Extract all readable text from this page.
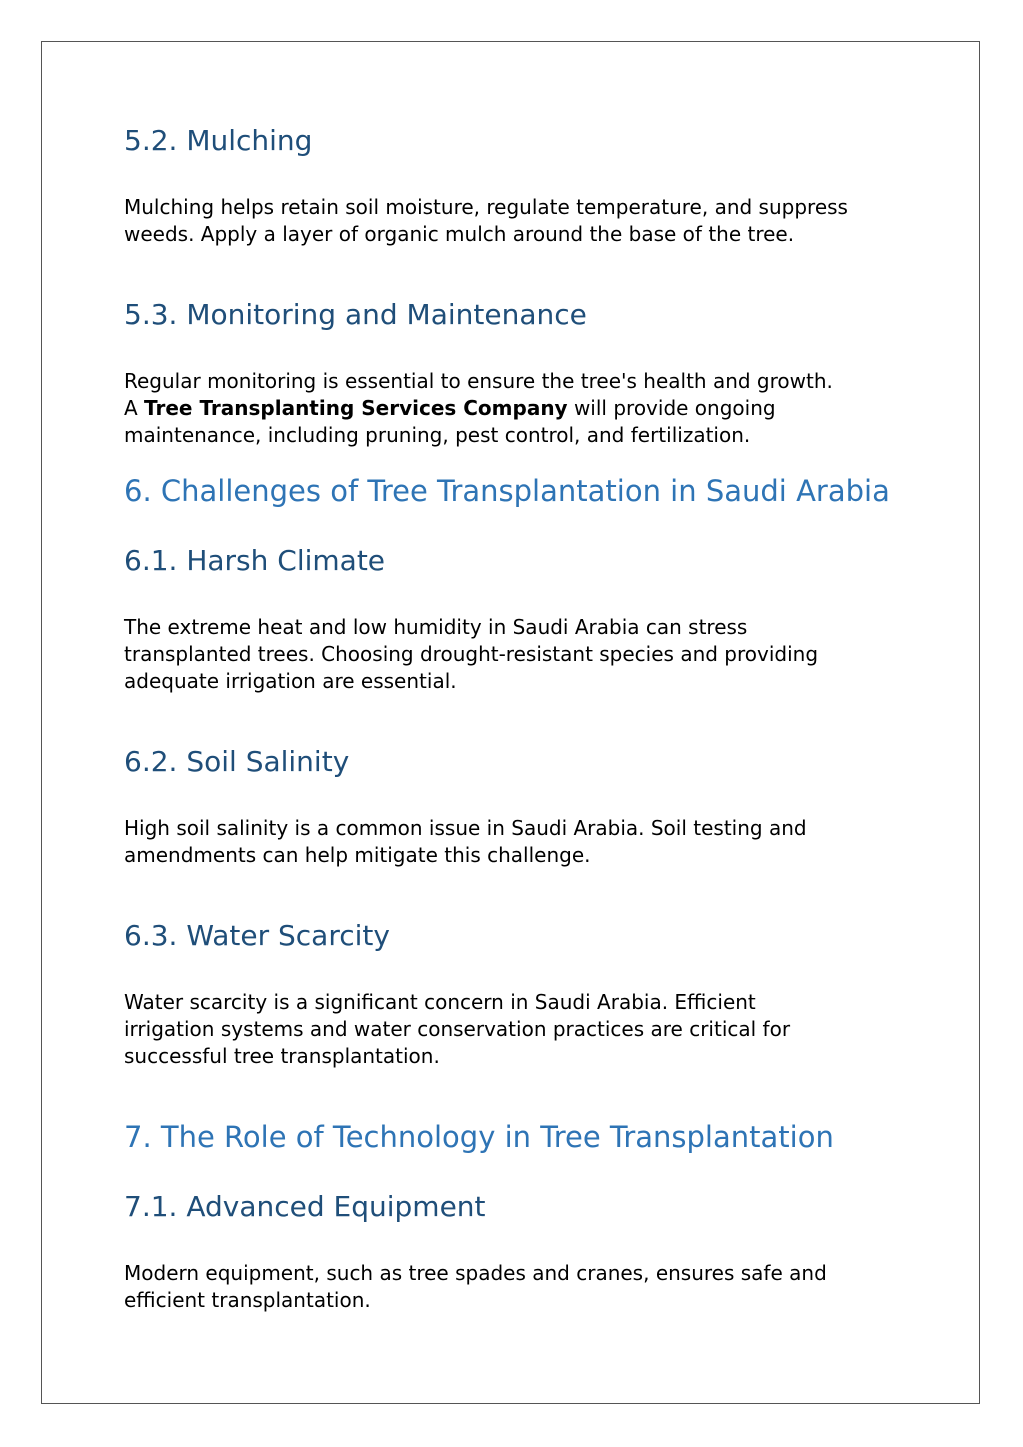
5.2. Mulching
Mulching helps retain soil moisture, regulate temperature, and suppress
weeds. Apply a layer of organic mulch around the base of the tree.
5.3. Monitoring and Maintenance
Regular monitoring is essential to ensure the tree's health and growth.
A Tree Transplanting Services Company will provide ongoing
maintenance, including pruning, pest control, and fertilization.
6. Challenges of Tree Transplantation in Saudi Arabia
6.1. Harsh Climate
The extreme heat and low humidity in Saudi Arabia can stress
transplanted trees. Choosing drought-resistant species and providing
adequate irrigation are essential.
6.2. Soil Salinity
High soil salinity is a common issue in Saudi Arabia. Soil testing and
amendments can help mitigate this challenge.
6.3. Water Scarcity
Water scarcity is a significant concern in Saudi Arabia. Efficient
irrigation systems and water conservation practices are critical for
successful tree transplantation.
7. The Role of Technology in Tree Transplantation
7.1. Advanced Equipment
Modern equipment, such as tree spades and cranes, ensures safe and
efficient transplantation.
